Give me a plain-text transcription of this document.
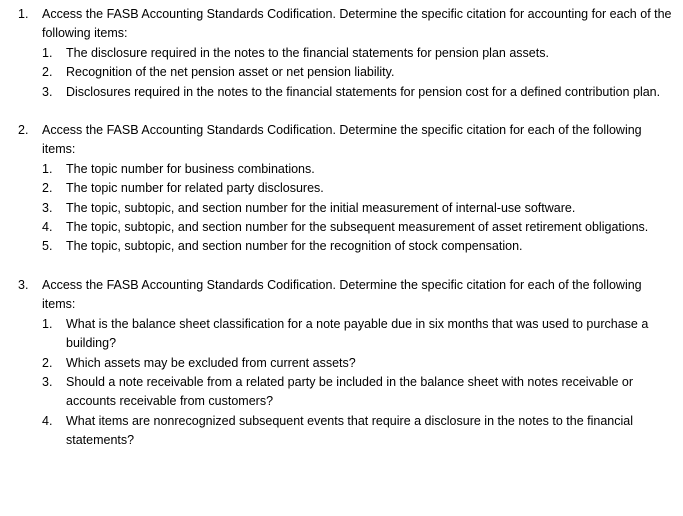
1.	Access the FASB Accounting Standards Codification. Determine the specific citation for accounting for each of the following items:
1.	The disclosure required in the notes to the financial statements for pension plan assets.
2.	Recognition of the net pension asset or net pension liability.
3.	Disclosures required in the notes to the financial statements for pension cost for a defined contribution plan.
2.	Access the FASB Accounting Standards Codification. Determine the specific citation for each of the following items:
1.	The topic number for business combinations.
2.	The topic number for related party disclosures.
3.	The topic, subtopic, and section number for the initial measurement of internal-use software.
4.	The topic, subtopic, and section number for the subsequent measurement of asset retirement obligations.
5.	The topic, subtopic, and section number for the recognition of stock compensation.
3.	Access the FASB Accounting Standards Codification. Determine the specific citation for each of the following items:
1.	What is the balance sheet classification for a note payable due in six months that was used to purchase a building?
2.	Which assets may be excluded from current assets?
3.	Should a note receivable from a related party be included in the balance sheet with notes receivable or accounts receivable from customers?
4.	What items are nonrecognized subsequent events that require a disclosure in the notes to the financial statements?
